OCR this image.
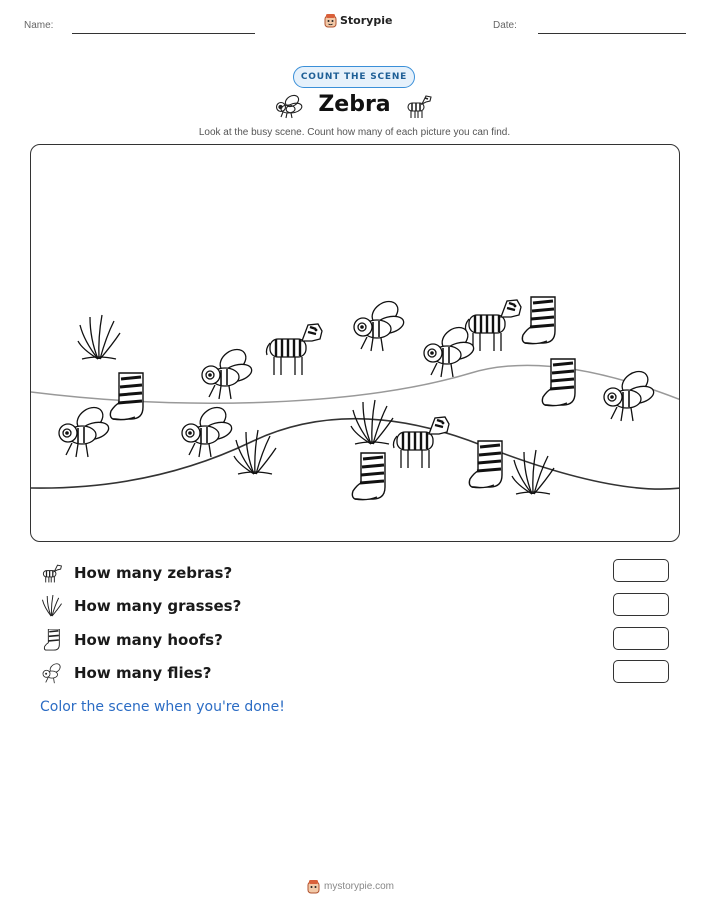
Name:	Storypie	Date:
COUNT THE SCENE
Zebra
Look at the busy scene. Count how many of each picture you can find.
How many zebras?
How many grasses?
How many hoofs?
How many flies?
Color the scene when you're done!
mystorypie.com
